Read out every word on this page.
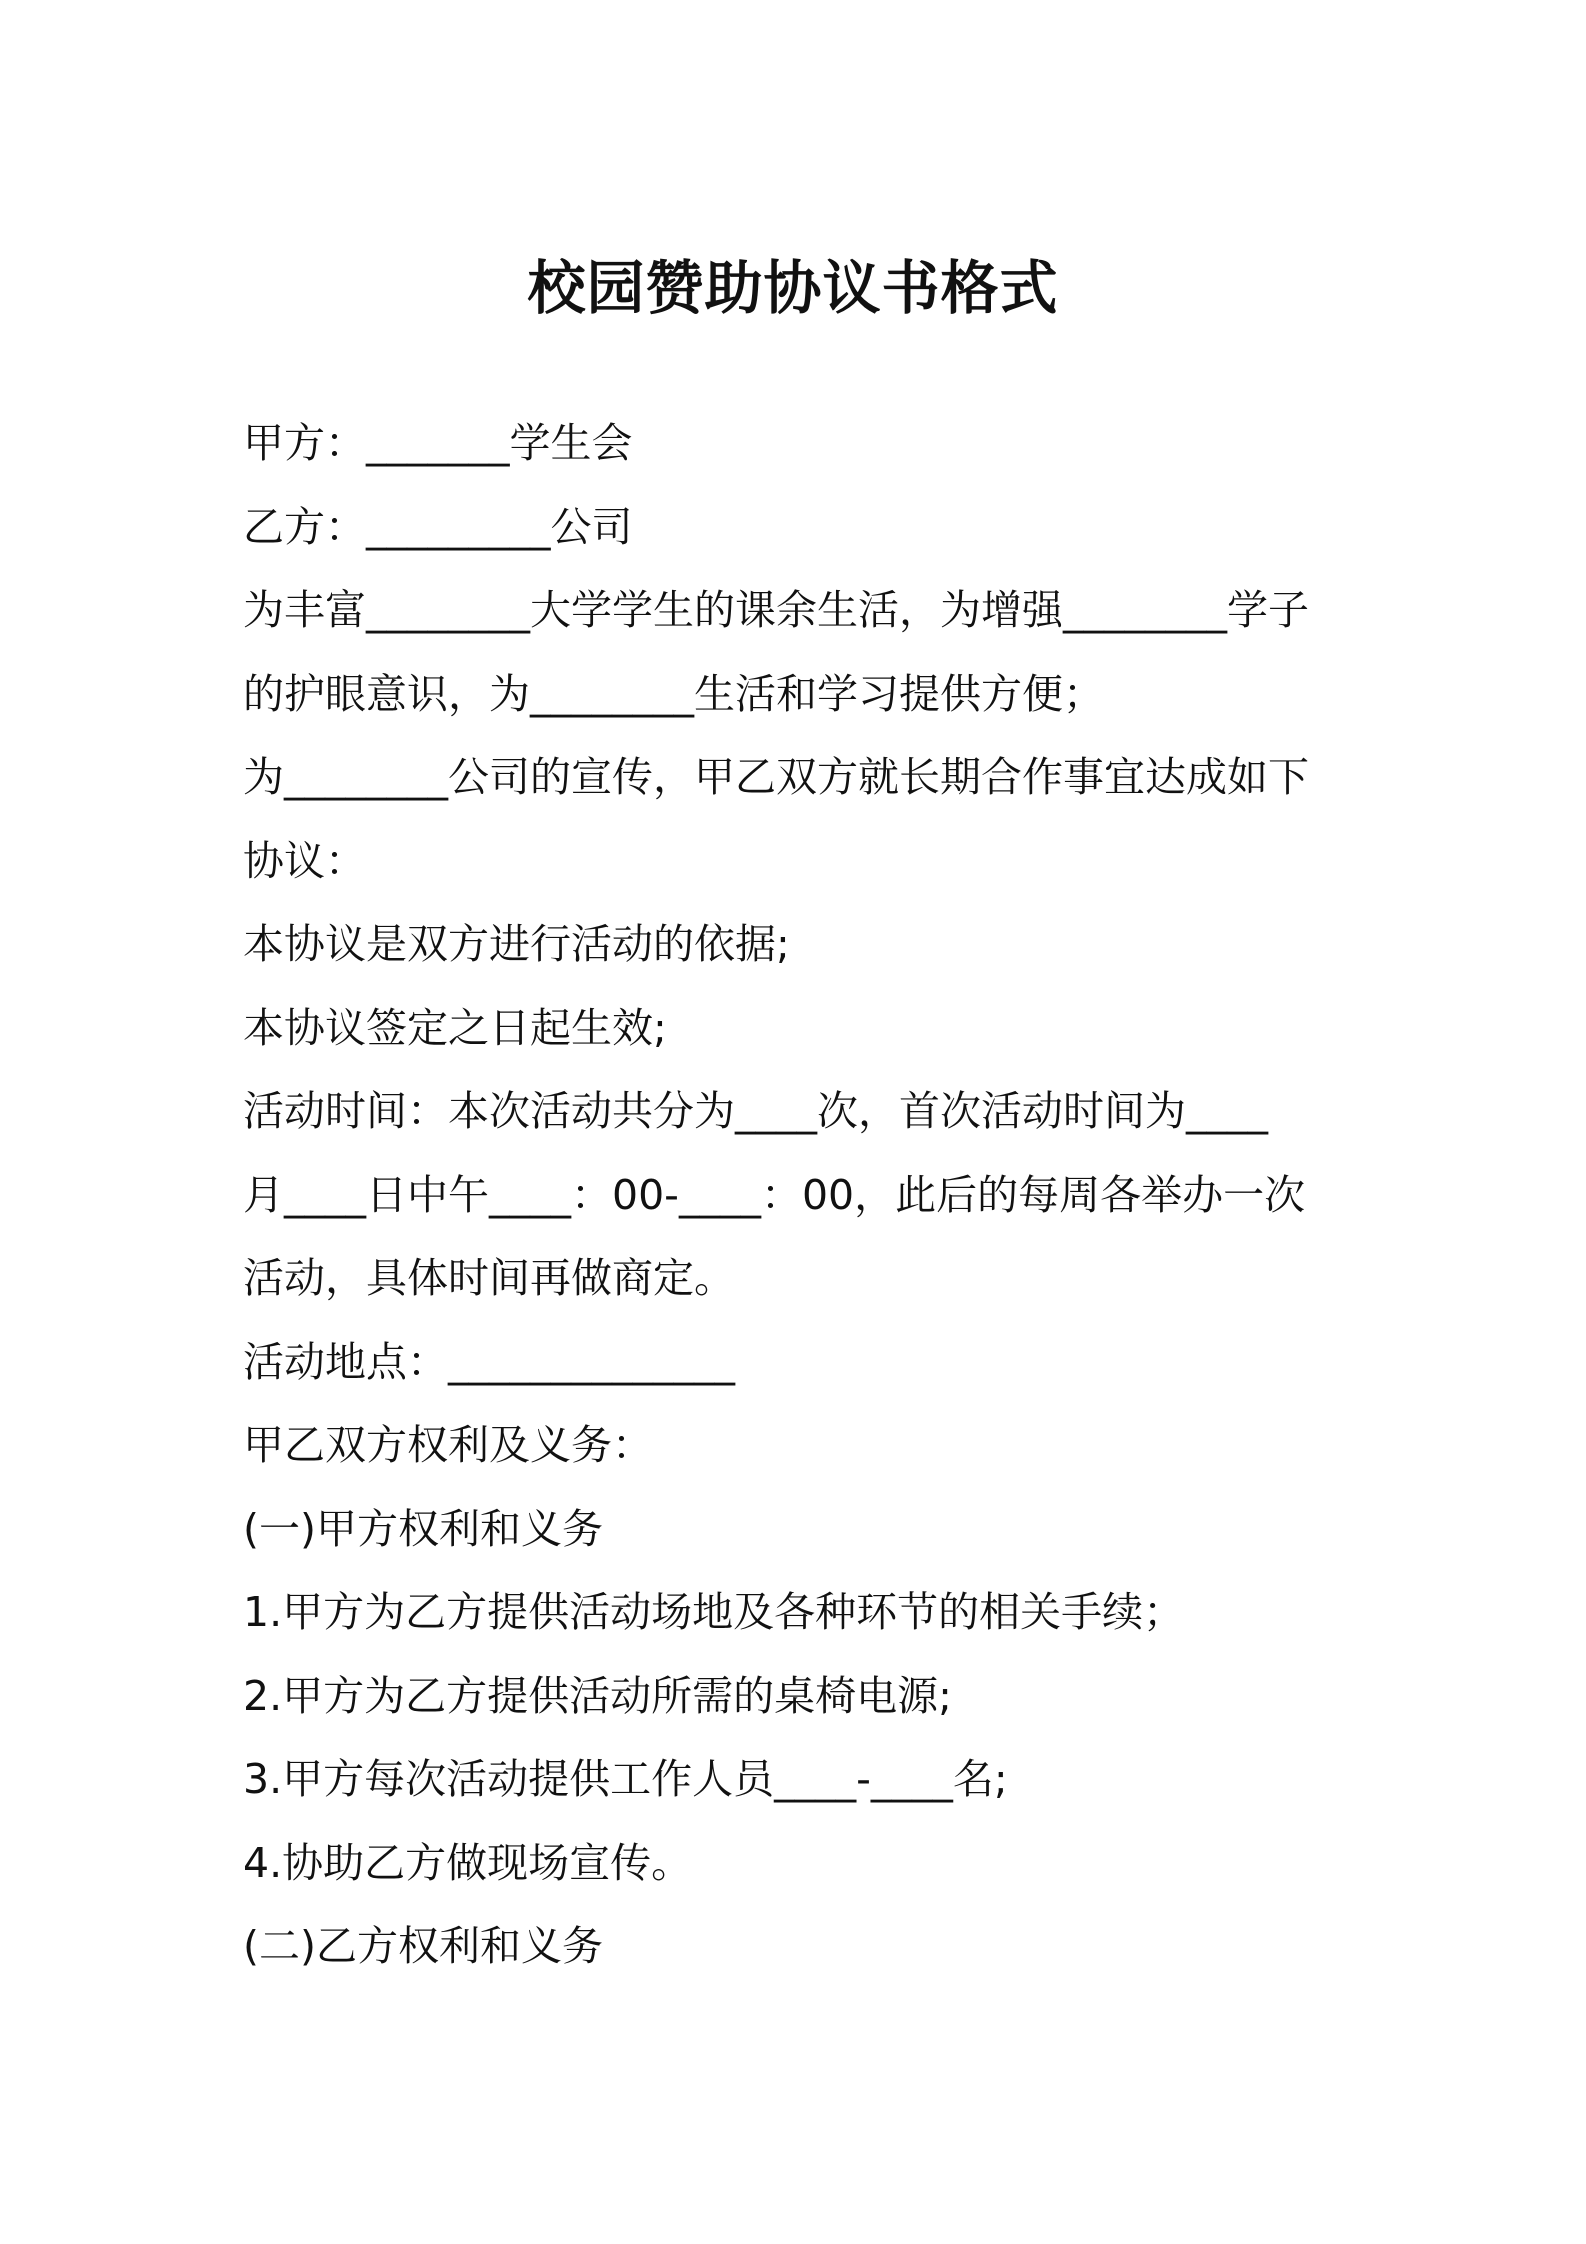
校园赞助协议书格式
甲方：_______学生会
乙方：_________公司
为丰富________大学学生的课余生活，为增强________学子
的护眼意识，为________生活和学习提供方便；
为________公司的宣传，甲乙双方就长期合作事宜达成如下
协议：
本协议是双方进行活动的依据;
本协议签定之日起生效;
活动时间：本次活动共分为____次，首次活动时间为____
月____日中午____：00-____：00，此后的每周各举办一次
活动，具体时间再做商定。
活动地点：______________
甲乙双方权利及义务：
(一)甲方权利和义务
1.甲方为乙方提供活动场地及各种环节的相关手续；
2.甲方为乙方提供活动所需的桌椅电源;
3.甲方每次活动提供工作人员____-____名;
4.协助乙方做现场宣传。
(二)乙方权利和义务
